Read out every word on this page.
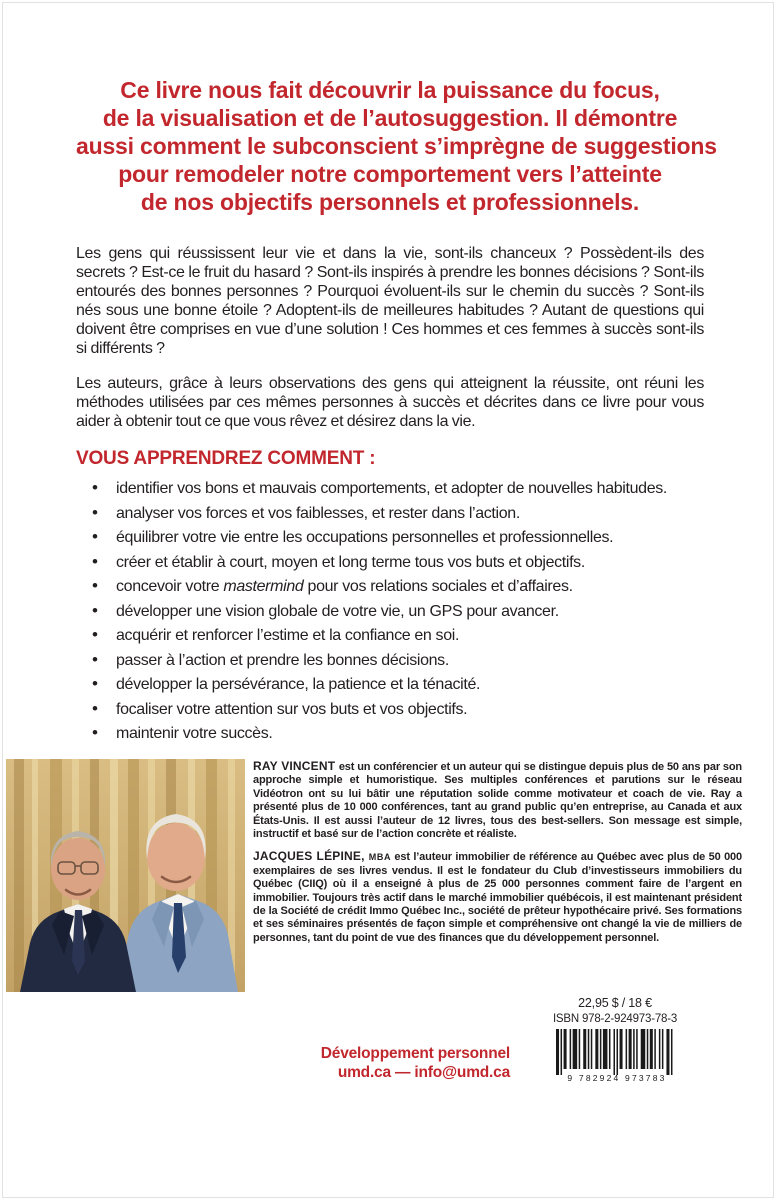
Ce livre nous fait découvrir la puissance du focus,
de la visualisation et de l’autosuggestion. Il démontre
aussi comment le subconscient s’imprègne de suggestions
pour remodeler notre comportement vers l’atteinte
de nos objectifs personnels et professionnels.

Les gens qui réussissent leur vie et dans la vie, sont-ils chanceux ? Possèdent-ils des secrets ? Est-ce le fruit du hasard ? Sont-ils inspirés à prendre les bonnes décisions ? Sont-ils entourés des bonnes personnes ? Pourquoi évoluent-ils sur le chemin du succès ? Sont-ils nés sous une bonne étoile ? Adoptent-ils de meilleures habitudes ? Autant de questions qui doivent être comprises en vue d’une solution ! Ces hommes et ces femmes à succès sont-ils si différents ?

Les auteurs, grâce à leurs observations des gens qui atteignent la réussite, ont réuni les méthodes utilisées par ces mêmes personnes à succès et décrites dans ce livre pour vous aider à obtenir tout ce que vous rêvez et désirez dans la vie.

VOUS APPRENDREZ COMMENT :
• identifier vos bons et mauvais comportements, et adopter de nouvelles habitudes.
• analyser vos forces et vos faiblesses, et rester dans l’action.
• équilibrer votre vie entre les occupations personnelles et professionnelles.
• créer et établir à court, moyen et long terme tous vos buts et objectifs.
• concevoir votre mastermind pour vos relations sociales et d’affaires.
• développer une vision globale de votre vie, un GPS pour avancer.
• acquérir et renforcer l’estime et la confiance en soi.
• passer à l’action et prendre les bonnes décisions.
• développer la persévérance, la patience et la ténacité.
• focaliser votre attention sur vos buts et vos objectifs.
• maintenir votre succès.

RAY VINCENT est un conférencier et un auteur qui se distingue depuis plus de 50 ans par son approche simple et humoristique. Ses multiples conférences et parutions sur le réseau Vidéotron ont su lui bâtir une réputation solide comme motivateur et coach de vie. Ray a présenté plus de 10 000 conférences, tant au grand public qu’en entreprise, au Canada et aux États-Unis. Il est aussi l’auteur de 12 livres, tous des best-sellers. Son message est simple, instructif et basé sur de l’action concrète et réaliste.

JACQUES LÉPINE, MBA est l’auteur immobilier de référence au Québec avec plus de 50 000 exemplaires de ses livres vendus. Il est le fondateur du Club d’investisseurs immobiliers du Québec (CIIQ) où il a enseigné à plus de 25 000 personnes comment faire de l’argent en immobilier. Toujours très actif dans le marché immobilier québécois, il est maintenant président de la Société de crédit Immo Québec Inc., société de prêteur hypothécaire privé. Ses formations et ses séminaires présentés de façon simple et compréhensive ont changé la vie de milliers de personnes, tant du point de vue des finances que du développement personnel.

Développement personnel
umd.ca — info@umd.ca
22,95 $ / 18 €
ISBN 978-2-924973-78-3
9 782924 973783
